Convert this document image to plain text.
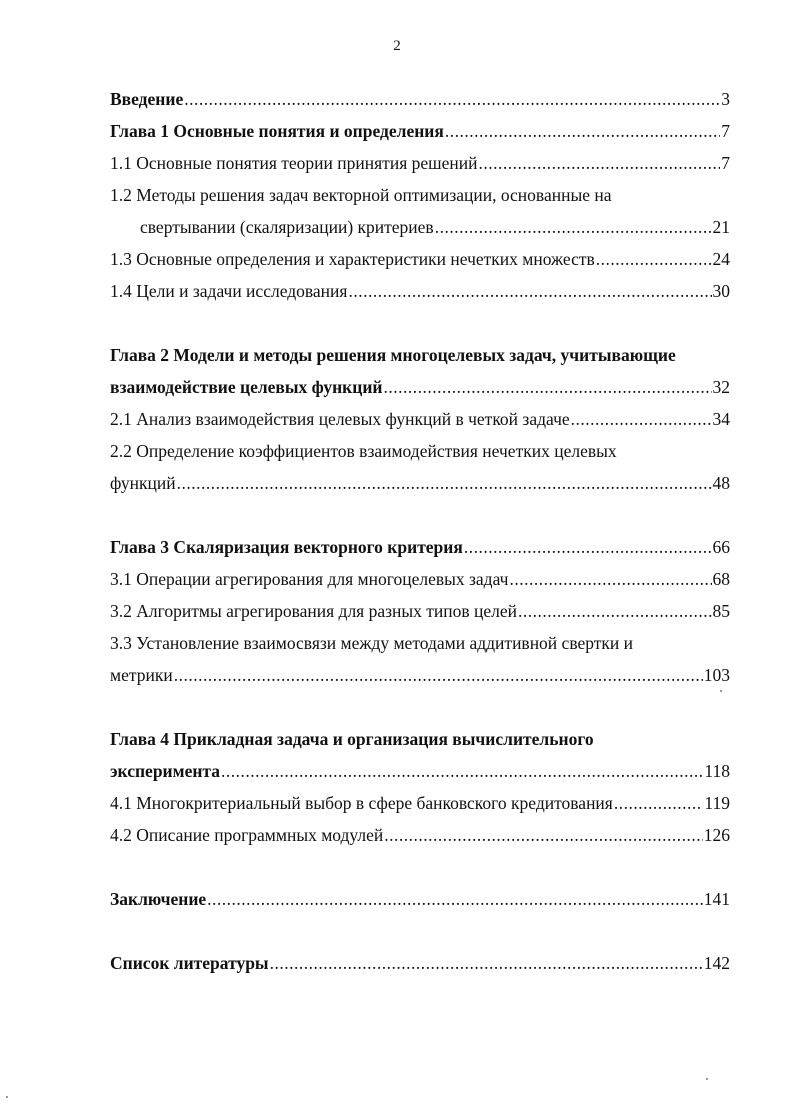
2
Введение .....	3
Глава 1 Основные понятия и определения .....	7
1.1 Основные понятия теории принятия решений .....	7
1.2 Методы решения задач векторной оптимизации, основанные на
свертывании (скаляризации) критериев .....	21
1.3 Основные определения и характеристики нечетких множеств .....	24
1.4 Цели и задачи исследования .....	30
Глава 2 Модели и методы решения многоцелевых задач, учитывающие
взаимодействие целевых функций .....	32
2.1 Анализ взаимодействия целевых функций в четкой задаче .....	34
2.2 Определение коэффициентов взаимодействия нечетких целевых
функций .....	48
Глава 3 Скаляризация векторного критерия .....	66
3.1 Операции агрегирования для многоцелевых задач .....	68
3.2 Алгоритмы агрегирования для разных типов целей .....	85
3.3 Установление взаимосвязи между методами аддитивной свертки и
метрики .....	103
Глава 4 Прикладная задача и организация вычислительного
эксперимента .....	118
4.1 Многокритериальный выбор в сфере банковского кредитования .....	119
4.2 Описание программных модулей .....	126
Заключение .....	141
Список литературы .....	142
